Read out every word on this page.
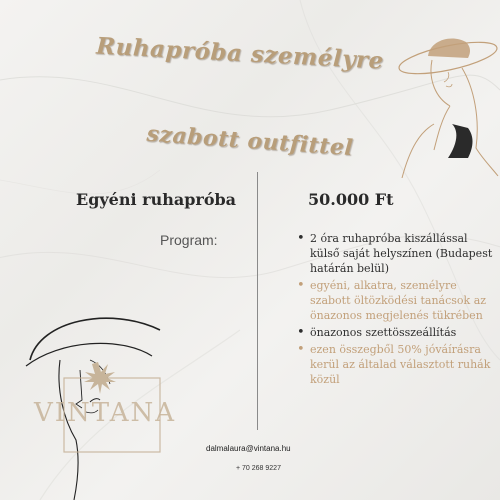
Ruhapróba személyre
szabott outfittel
Egyéni ruhapróba	50.000 Ft
Program:
•	2 óra ruhapróba kiszállással külső saját helyszínen (Budapest határán belül)
• egyéni, alkatra, személyre szabott öltözködési tanácsok az önazonos megjelenés tükrében
• önazonos szettösszeállítás
• ezen összegből 50% jóváírásra kerül az általad választott ruhák közül
VINTANA
dalmalaura@vintana.hu
+ 70 268 9227
